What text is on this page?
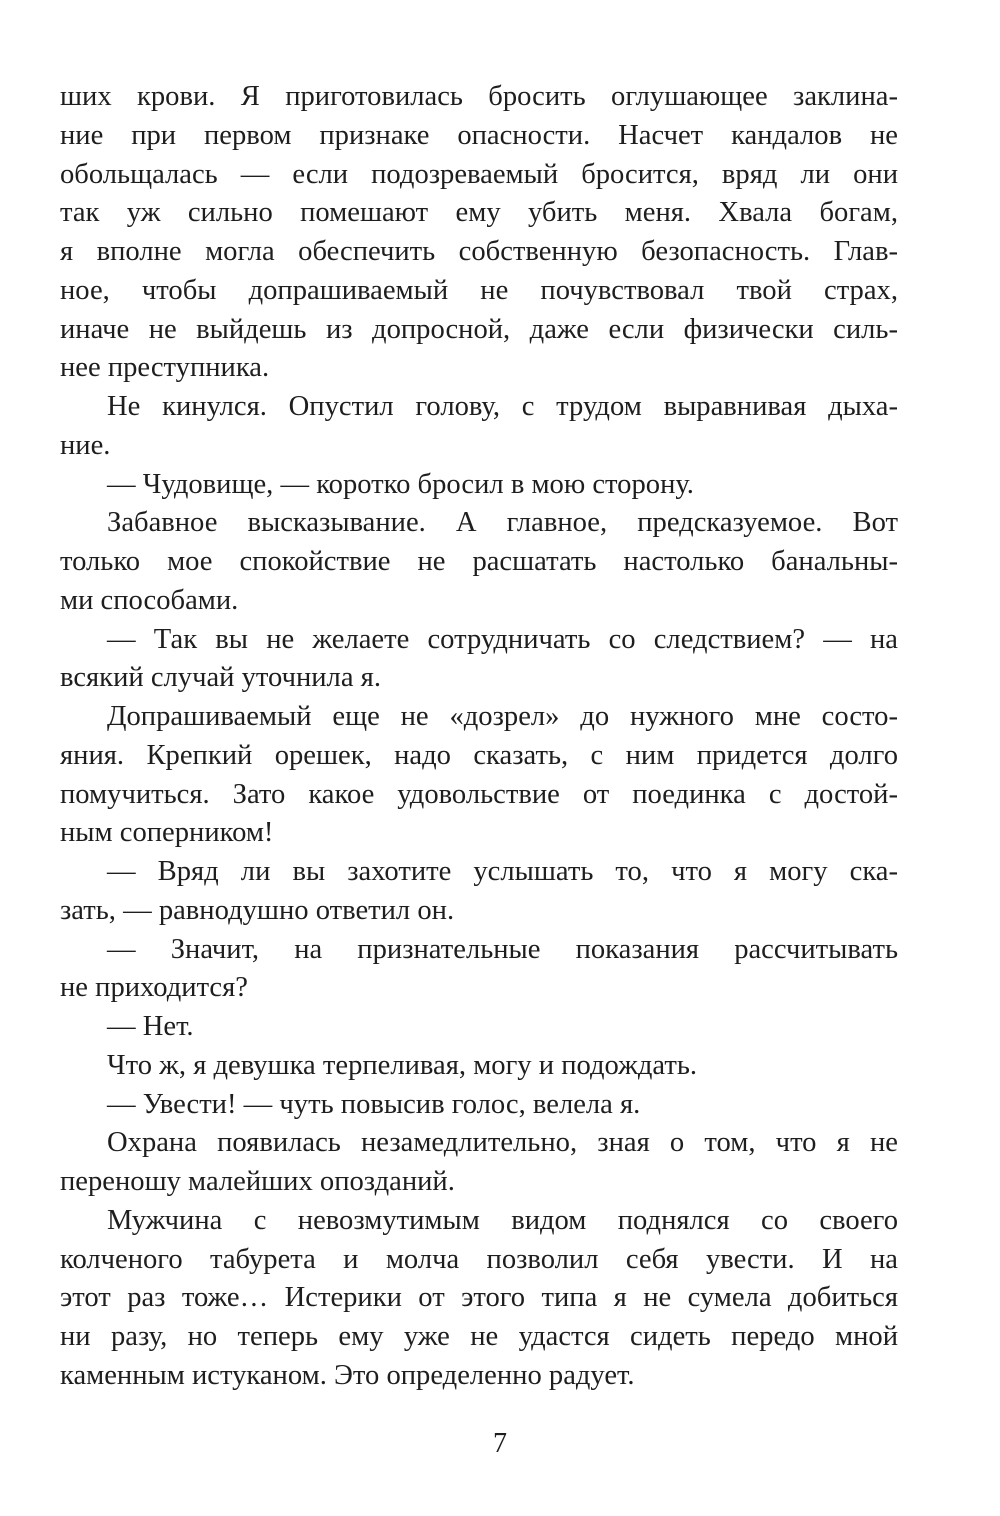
ших крови. Я приготовилась бросить оглушающее заклина-
ние при первом признаке опасности. Насчет кандалов не
обольщалась — если подозреваемый бросится, вряд ли они
так уж сильно помешают ему убить меня. Хвала богам,
я вполне могла обеспечить собственную безопасность. Глав-
ное, чтобы допрашиваемый не почувствовал твой страх,
иначе не выйдешь из допросной, даже если физически силь-
нее преступника.
Не кинулся. Опустил голову, с трудом выравнивая дыха-
ние.
— Чудовище, — коротко бросил в мою сторону.
Забавное высказывание. А главное, предсказуемое. Вот
только мое спокойствие не расшатать настолько банальны-
ми способами.
— Так вы не желаете сотрудничать со следствием? — на
всякий случай уточнила я.
Допрашиваемый еще не «дозрел» до нужного мне состо-
яния. Крепкий орешек, надо сказать, с ним придется долго
помучиться. Зато какое удовольствие от поединка с достой-
ным соперником!
— Вряд ли вы захотите услышать то, что я могу ска-
зать, — равнодушно ответил он.
— Значит, на признательные показания рассчитывать
не приходится?
— Нет.
Что ж, я девушка терпеливая, могу и подождать.
— Увести! — чуть повысив голос, велела я.
Охрана появилась незамедлительно, зная о том, что я не
переношу малейших опозданий.
Мужчина с невозмутимым видом поднялся со своего
колченого табурета и молча позволил себя увести. И на
этот раз тоже… Истерики от этого типа я не сумела добиться
ни разу, но теперь ему уже не удастся сидеть передо мной
каменным истуканом. Это определенно радует.
7
